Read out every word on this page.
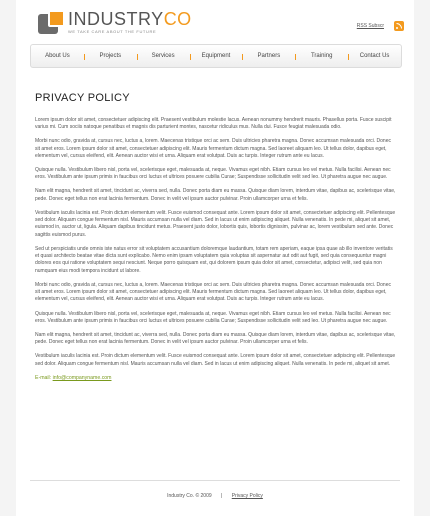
INDUSTRYCO
WE TAKE CARE ABOUT THE FUTURE
RSS Subscr
About Us	Projects	Services	Equipment	Partners	Training	Contact Us
PRIVACY POLICY

Lorem ipsum dolor sit amet, consectetuer adipiscing elit. Praesent vestibulum molestie lacus. Aenean nonummy hendrerit mauris. Phasellus porta. Fusce suscipit varius mi. Cum sociis natoque penatibus et magnis dis parturient montes, nascetur ridiculus mus. Nulla dui. Fusce feugiat malesuada odio.

Morbi nunc odio, gravida at, cursus nec, luctus a, lorem. Maecenas tristique orci ac sem. Duis ultricies pharetra magna. Donec accumsan malesuada orci. Donec sit amet eros. Lorem ipsum dolor sit amet, consectetuer adipiscing elit. Mauris fermentum dictum magna. Sed laoreet aliquam leo. Ut tellus dolor, dapibus eget, elementum vel, cursus eleifend, elit. Aenean auctor wisi et urna. Aliquam erat volutpat. Duis ac turpis. Integer rutrum ante eu lacus.

Quisque nulla. Vestibulum libero nisl, porta vel, scelerisque eget, malesuada at, neque. Vivamus eget nibh. Etiam cursus leo vel metus. Nulla facilisi. Aenean nec eros. Vestibulum ante ipsum primis in faucibus orci luctus et ultrices posuere cubilia Curae; Suspendisse sollicitudin velit sed leo. Ut pharetra augue nec augue.

Nam elit magna, hendrerit sit amet, tincidunt ac, viverra sed, nulla. Donec porta diam eu massa. Quisque diam lorem, interdum vitae, dapibus ac, scelerisque vitae, pede. Donec eget tellus non erat lacinia fermentum. Donec in velit vel ipsum auctor pulvinar. Proin ullamcorper urna et felis.

Vestibulum iaculis lacinia est. Proin dictum elementum velit. Fusce euismod consequat ante. Lorem ipsum dolor sit amet, consectetuer adipiscing elit. Pellentesque sed dolor. Aliquam congue fermentum nisl. Mauris accumsan nulla vel diam. Sed in lacus ut enim adipiscing aliquet. Nulla venenatis. In pede mi, aliquet sit amet, euismod in, auctor ut, ligula. Aliquam dapibus tincidunt metus. Praesent justo dolor, lobortis quis, lobortis dignissim, pulvinar ac, lorem vestibulum sed ante. Donec sagittis euismod purus.

Sed ut perspiciatis unde omnis iste natus error sit voluptatem accusantium doloremque laudantium, totam rem aperiam, eaque ipsa quae ab illo inventore veritatis et quasi architecto beatae vitae dicta sunt explicabo. Nemo enim ipsam voluptatem quia voluptas sit aspernatur aut odit aut fugit, sed quia consequuntur magni dolores eos qui ratione voluptatem sequi nesciunt. Neque porro quisquam est, qui dolorem ipsum quia dolor sit amet, consectetur, adipisci velit, sed quia non numquam eius modi tempora incidunt ut labore.

Morbi nunc odio, gravida at, cursus nec, luctus a, lorem. Maecenas tristique orci ac sem. Duis ultricies pharetra magna. Donec accumsan malesuada orci. Donec sit amet eros. Lorem ipsum dolor sit amet, consectetuer adipiscing elit. Mauris fermentum dictum magna. Sed laoreet aliquam leo. Ut tellus dolor, dapibus eget, elementum vel, cursus eleifend, elit. Aenean auctor wisi et urna. Aliquam erat volutpat. Duis ac turpis. Integer rutrum ante eu lacus.

Quisque nulla. Vestibulum libero nisl, porta vel, scelerisque eget, malesuada at, neque. Vivamus eget nibh. Etiam cursus leo vel metus. Nulla facilisi. Aenean nec eros. Vestibulum ante ipsum primis in faucibus orci luctus et ultrices posuere cubilia Curae; Suspendisse sollicitudin velit sed leo. Ut pharetra augue nec augue.

Nam elit magna, hendrerit sit amet, tincidunt ac, viverra sed, nulla. Donec porta diam eu massa. Quisque diam lorem, interdum vitae, dapibus ac, scelerisque vitae, pede. Donec eget tellus non erat lacinia fermentum. Donec in velit vel ipsum auctor pulvinar. Proin ullamcorper urna et felis.

Vestibulum iaculis lacinia est. Proin dictum elementum velit. Fusce euismod consequat ante. Lorem ipsum dolor sit amet, consectetuer adipiscing elit. Pellentesque sed dolor. Aliquam congue fermentum nisl. Mauris accumsan nulla vel diam. Sed in lacus ut enim adipiscing aliquet. Nulla venenatis. In pede mi, aliquet sit amet.

E-mail: info@companyname.com
Industry Co. © 2009 | Privacy Policy
